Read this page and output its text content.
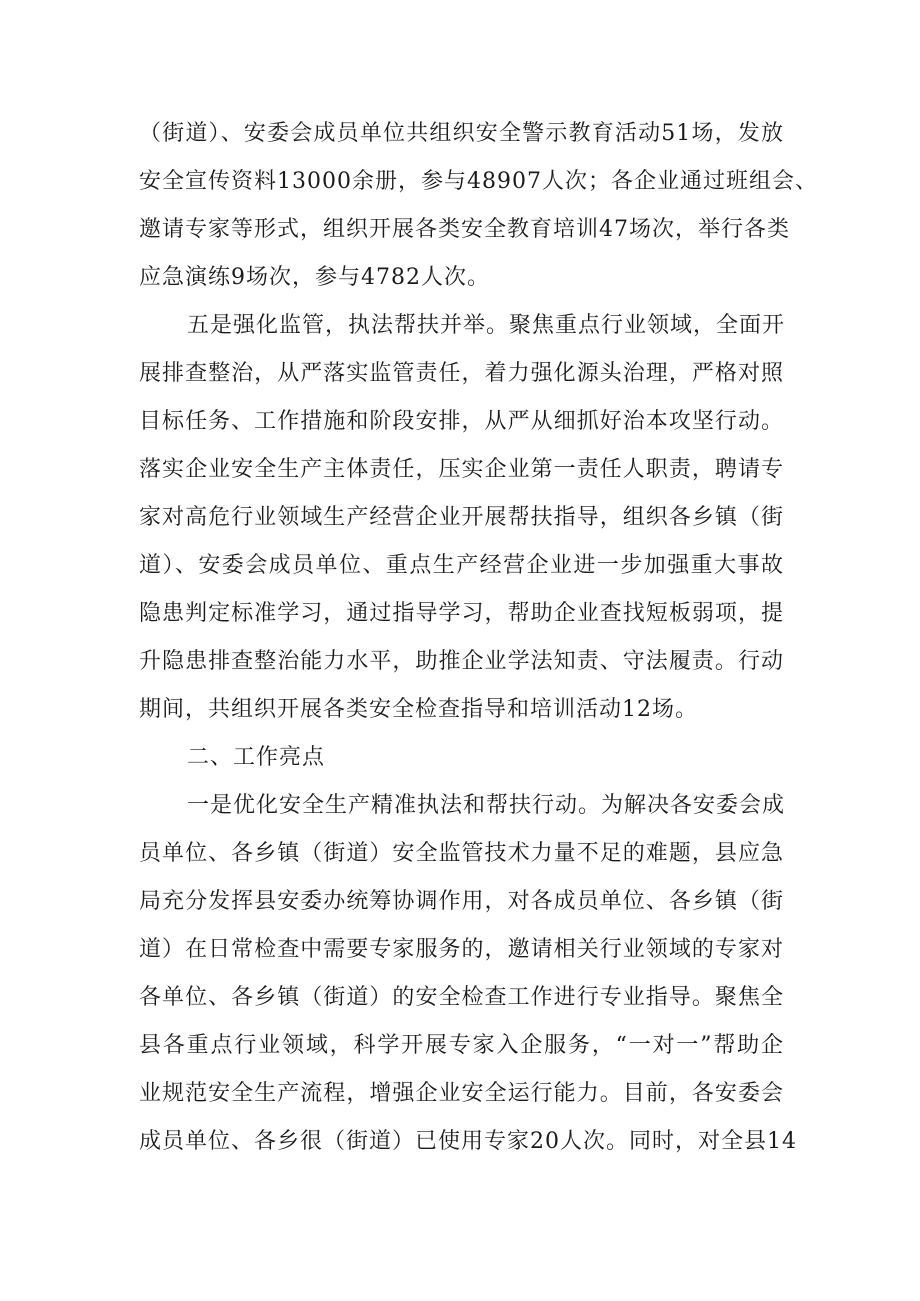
（街道）、安委会成员单位共组织安全警示教育活动51场，发放
安全宣传资料13000余册，参与48907人次；各企业通过班组会、
邀请专家等形式，组织开展各类安全教育培训47场次，举行各类
应急演练9场次，参与4782人次。
五是强化监管，执法帮扶并举。聚焦重点行业领域，全面开
展排查整治，从严落实监管责任，着力强化源头治理，严格对照
目标任务、工作措施和阶段安排，从严从细抓好治本攻坚行动。
落实企业安全生产主体责任，压实企业第一责任人职责，聘请专
家对高危行业领域生产经营企业开展帮扶指导，组织各乡镇（街
道）、安委会成员单位、重点生产经营企业进一步加强重大事故
隐患判定标准学习，通过指导学习，帮助企业查找短板弱项，提
升隐患排查整治能力水平，助推企业学法知责、守法履责。行动
期间，共组织开展各类安全检查指导和培训活动12场。
二、工作亮点
一是优化安全生产精准执法和帮扶行动。为解决各安委会成
员单位、各乡镇（街道）安全监管技术力量不足的难题，县应急
局充分发挥县安委办统筹协调作用，对各成员单位、各乡镇（街
道）在日常检查中需要专家服务的，邀请相关行业领域的专家对
各单位、各乡镇（街道）的安全检查工作进行专业指导。聚焦全
县各重点行业领域，科学开展专家入企服务，“一对一”帮助企
业规范安全生产流程，增强企业安全运行能力。目前，各安委会
成员单位、各乡很（街道）已使用专家20人次。同时，对全县14
